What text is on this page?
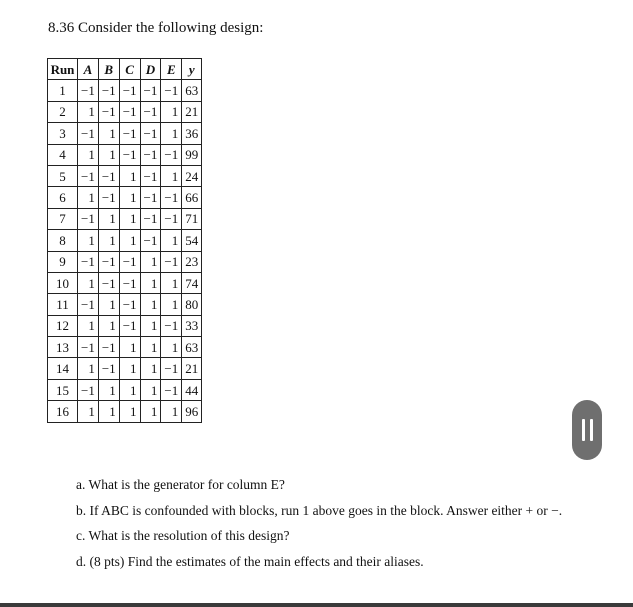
8.36 Consider the following design:
Run	A	B	C	D	E	y
1	−1	−1	−1	−1	−1	63
2	1	−1	−1	−1	1	21
3	−1	1	−1	−1	1	36
4	1	1	−1	−1	−1	99
5	−1	−1	1	−1	1	24
6	1	−1	1	−1	−1	66
7	−1	1	1	−1	−1	71
8	1	1	1	−1	1	54
9	−1	−1	−1	1	−1	23
10	1	−1	−1	1	1	74
11	−1	1	−1	1	1	80
12	1	1	−1	1	−1	33
13	−1	−1	1	1	1	63
14	1	−1	1	1	−1	21
15	−1	1	1	1	−1	44
16	1	1	1	1	1	96
a. What is the generator for column E?
b. If ABC is confounded with blocks, run 1 above goes in the block. Answer either + or −.
c. What is the resolution of this design?
d. (8 pts) Find the estimates of the main effects and their aliases.
